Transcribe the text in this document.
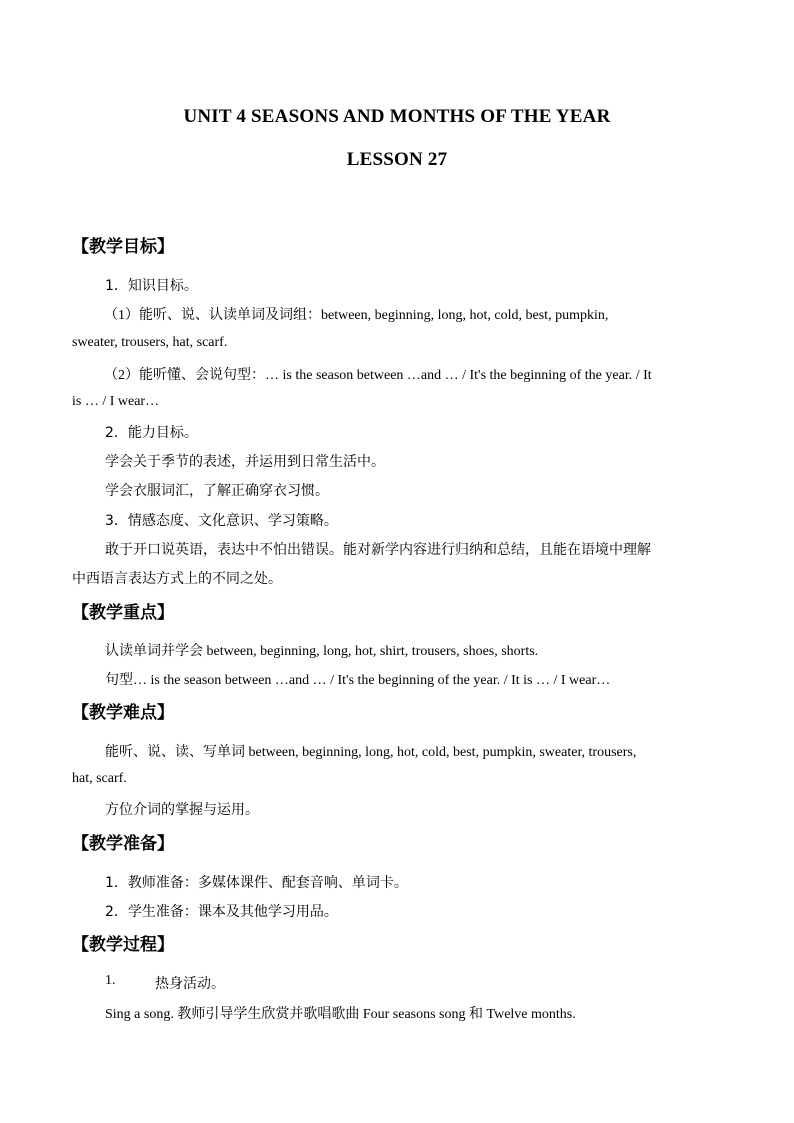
UNIT 4 SEASONS AND MONTHS OF THE YEAR
LESSON 27
【教学目标】
1．知识目标。
（1）能听、说、认读单词及词组：between, beginning, long, hot, cold, best, pumpkin,
sweater, trousers, hat, scarf.
（2）能听懂、会说句型：… is the season between …and … / It's the beginning of the year. / It
is … / I wear…
2．能力目标。
学会关于季节的表述，并运用到日常生活中。
学会衣服词汇，了解正确穿衣习惯。
3．情感态度、文化意识、学习策略。
敢于开口说英语，表达中不怕出错误。能对新学内容进行归纳和总结，且能在语境中理解
中西语言表达方式上的不同之处。
【教学重点】
认读单词并学会 between, beginning, long, hot, shirt, trousers, shoes, shorts.
句型… is the season between …and … / It's the beginning of the year. / It is … / I wear…
【教学难点】
能听、说、读、写单词 between, beginning, long, hot, cold, best, pumpkin, sweater, trousers,
hat, scarf.
方位介词的掌握与运用。
【教学准备】
1．教师准备：多媒体课件、配套音响、单词卡。
2．学生准备：课本及其他学习用品。
【教学过程】
1.	热身活动。
Sing a song. 教师引导学生欣赏并歌唱歌曲 Four seasons song 和 Twelve months.
